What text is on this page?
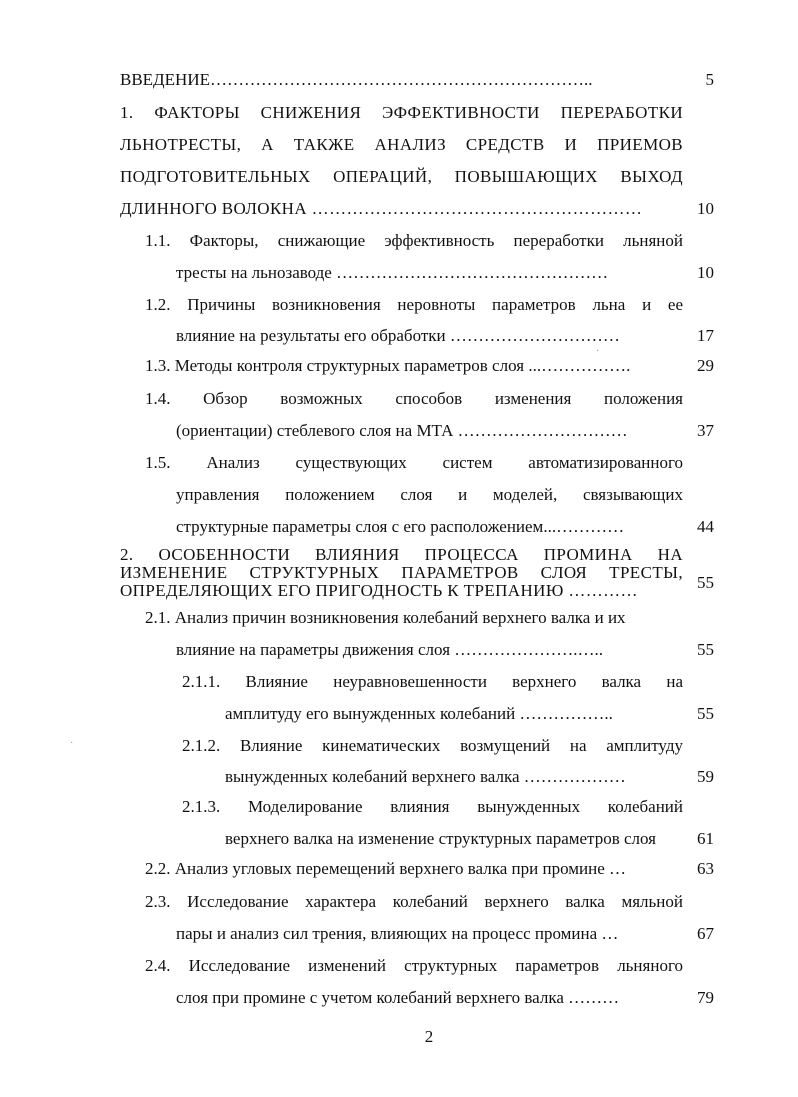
ВВЕДЕНИЕ…………………………………………………………..	5
1. ФАКТОРЫ СНИЖЕНИЯ ЭФФЕКТИВНОСТИ ПЕРЕРАБОТКИ
ЛЬНОТРЕСТЫ, А ТАКЖЕ АНАЛИЗ СРЕДСТВ И ПРИЕМОВ
ПОДГОТОВИТЕЛЬНЫХ ОПЕРАЦИЙ, ПОВЫШАЮЩИХ ВЫХОД
ДЛИННОГО ВОЛОКНА …………………………………………………	10
1.1. Факторы, снижающие эффективность переработки льняной
тресты на льнозаводе …………………………………………	10
1.2. Причины возникновения неровноты параметров льна и ее
влияние на результаты его обработки …………………………	17
1.3. Методы контроля структурных параметров слоя ...…………….	29
1.4. Обзор возможных способов изменения положения
(ориентации) стеблевого слоя на МТА …………………………	37
1.5. Анализ существующих систем автоматизированного
управления положением слоя и моделей, связывающих
структурные параметры слоя с его расположением...…………	44
2. ОСОБЕННОСТИ ВЛИЯНИЯ ПРОЦЕССА ПРОМИНА НА
ИЗМЕНЕНИЕ СТРУКТУРНЫХ ПАРАМЕТРОВ СЛОЯ ТРЕСТЫ,
ОПРЕДЕЛЯЮЩИХ ЕГО ПРИГОДНОСТЬ К ТРЕПАНИЮ …………	55
2.1. Анализ причин возникновения колебаний верхнего валка и их
влияние на параметры движения слоя ………………….…..	55
2.1.1. Влияние неуравновешенности верхнего валка на
амплитуду его вынужденных колебаний ……………..	55
2.1.2. Влияние кинематических возмущений на амплитуду
вынужденных колебаний верхнего валка ………………	59
2.1.3. Моделирование влияния вынужденных колебаний
верхнего валка на изменение структурных параметров слоя	61
2.2. Анализ угловых перемещений верхнего валка при промине …	63
2.3. Исследование характера колебаний верхнего валка мяльной
пары и анализ сил трения, влияющих на процесс промина …	67
2.4. Исследование изменений структурных параметров льняного
слоя при промине с учетом колебаний верхнего валка ………	79
2
·
·
